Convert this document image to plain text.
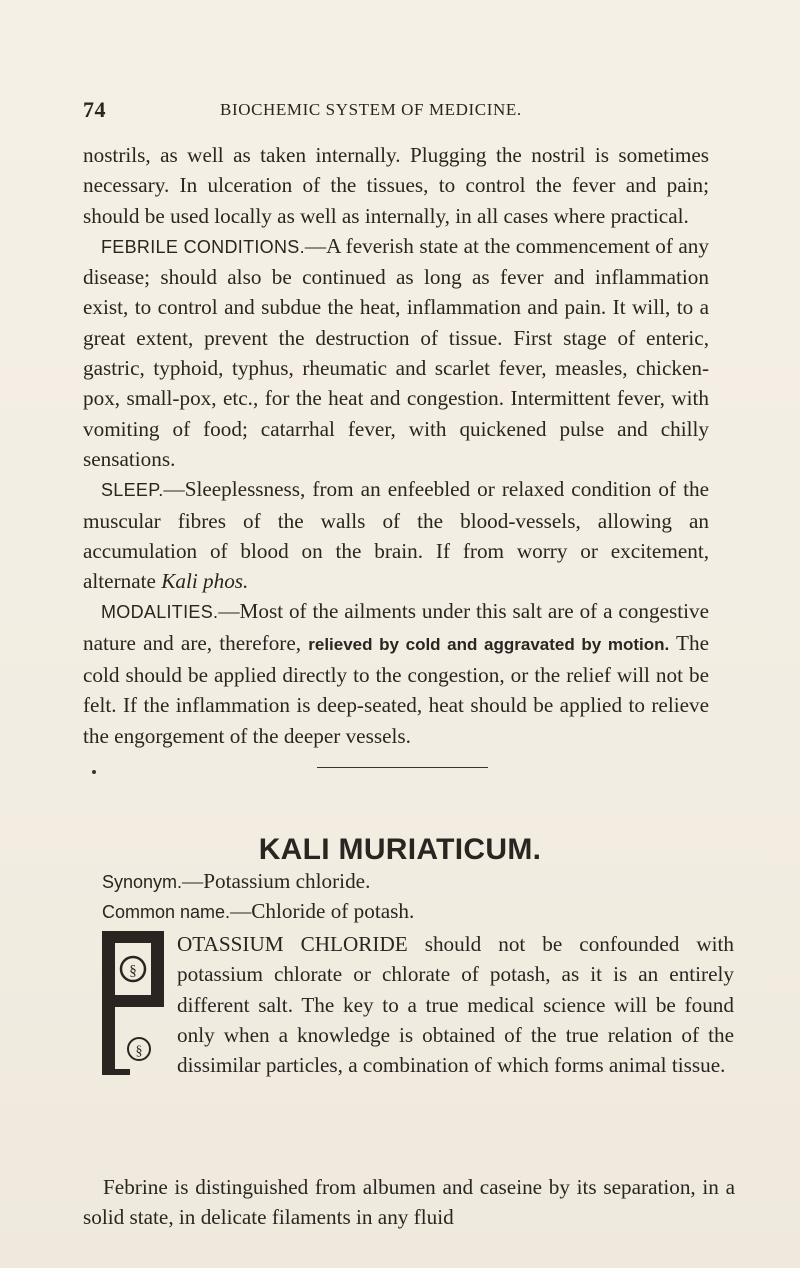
74	BIOCHEMIC SYSTEM OF MEDICINE.

nostrils, as well as taken internally. Plugging the nostril is sometimes necessary. In ulceration of the tissues, to control the fever and pain; should be used locally as well as internally, in all cases where practical.

FEBRILE CONDITIONS.—A feverish state at the commencement of any disease; should also be continued as long as fever and inflammation exist, to control and subdue the heat, inflammation and pain. It will, to a great extent, prevent the destruction of tissue. First stage of enteric, gastric, typhoid, typhus, rheumatic and scarlet fever, measles, chicken-pox, small-pox, etc., for the heat and congestion. Intermittent fever, with vomiting of food; catarrhal fever, with quickened pulse and chilly sensations.

SLEEP.—Sleeplessness, from an enfeebled or relaxed condition of the muscular fibres of the walls of the blood-vessels, allowing an accumulation of blood on the brain. If from worry or excitement, alternate Kali phos.

MODALITIES.—Most of the ailments under this salt are of a congestive nature and are, therefore, relieved by cold and aggravated by motion. The cold should be applied directly to the congestion, or the relief will not be felt. If the inflammation is deep-seated, heat should be applied to relieve the engorgement of the deeper vessels.

KALI MURIATICUM.
Synonym.—Potassium chloride.
Common name.—Chloride of potash.
§
§

OTASSIUM CHLORIDE should not be confounded with potassium chlorate or chlorate of potash, as it is an entirely different salt. The key to a true medical science will be found only when a knowledge is obtained of the true relation of the dissimilar particles, a combination of which forms animal tissue.

Febrine is distinguished from albumen and caseine by its separation, in a solid state, in delicate filaments in any fluid
